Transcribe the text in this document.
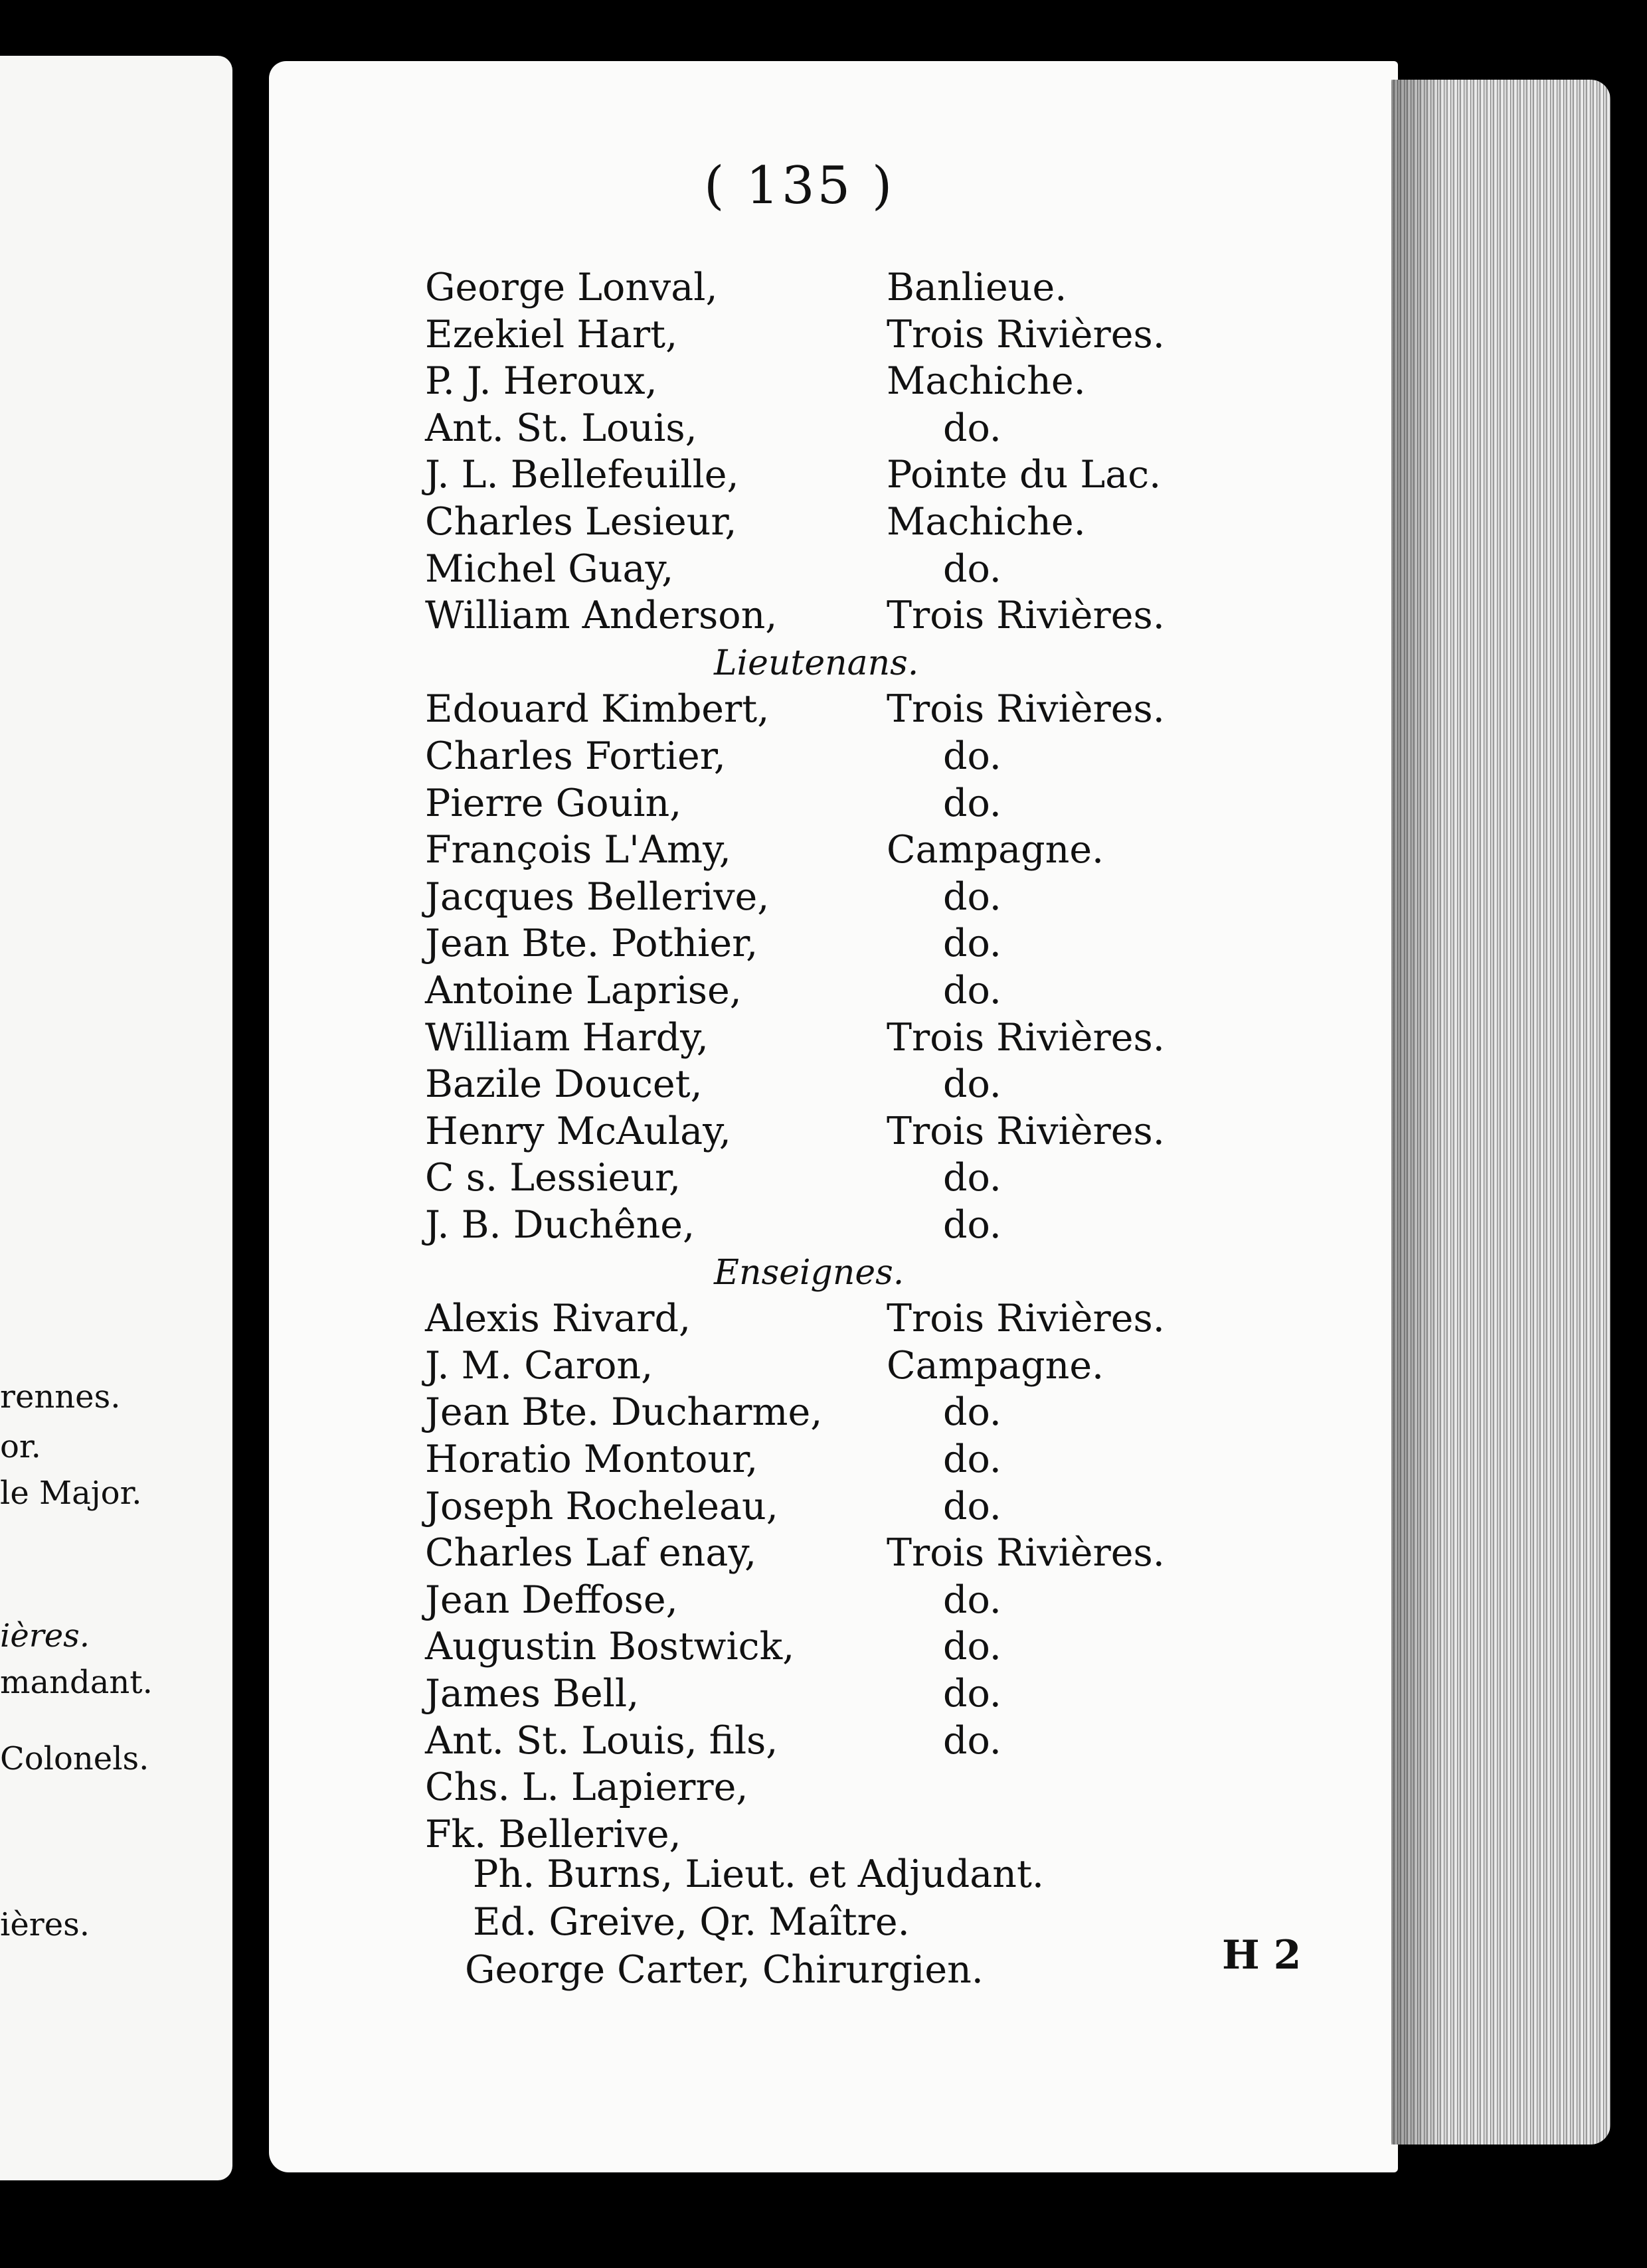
rennes.
or.
le Major.
ières.
mandant.
Colonels.
ières.
( 135 )
George Lonval,	Banlieue.
Ezekiel Hart,	Trois Rivières.
P. J. Heroux,	Machiche.
Ant. St. Louis,	do.
J. L. Bellefeuille,	Pointe du Lac.
Charles Lesieur,	Machiche.
Michel Guay,	do.
William Anderson,	Trois Rivières.
Lieutenans.
Edouard Kimbert,	Trois Rivières.
Charles Fortier,	do.
Pierre Gouin,	do.
François L'Amy,	Campagne.
Jacques Bellerive,	do.
Jean Bte. Pothier,	do.
Antoine Laprise,	do.
William Hardy,	Trois Rivières.
Bazile Doucet,	do.
Henry McAulay,	Trois Rivières.
C s. Lessieur,	do.
J. B. Duchêne,	do.
Enseignes.
Alexis Rivard,	Trois Rivières.
J. M. Caron,	Campagne.
Jean Bte. Ducharme,	do.
Horatio Montour,	do.
Joseph Rocheleau,	do.
Charles Laf enay,	Trois Rivières.
Jean Deffose,	do.
Augustin Bostwick,	do.
James Bell,	do.
Ant. St. Louis, fils,	do.
Chs. L. Lapierre,
Fk. Bellerive,
Ph. Burns, Lieut. et Adjudant.
Ed. Greive, Qr. Maître.
George Carter, Chirurgien.	H 2
